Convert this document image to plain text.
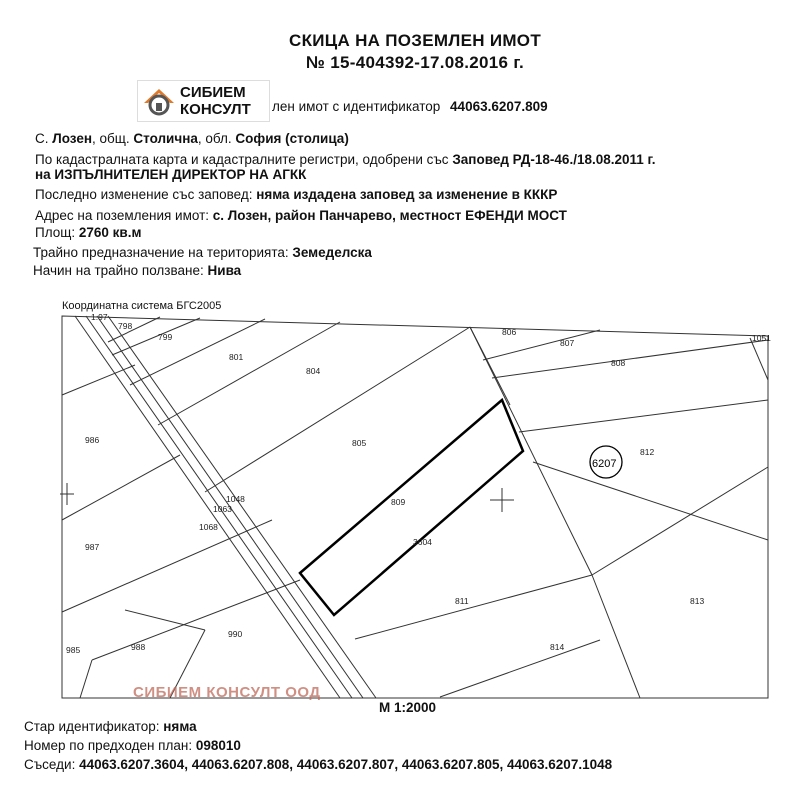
СКИЦА НА ПОЗЕМЛЕН ИМОТ
№ 15-404392-17.08.2016 г.
СИБИЕМ
КОНСУЛТ лен имот с идентификатор 44063.6207.809
С. Лозен, общ. Столична, обл. София (столица)
По кадастралната карта и кадастралните регистри, одобрени със Заповед РД-18-46./18.08.2011 г.
на ИЗПЪЛНИТЕЛЕН ДИРЕКТОР НА АГКК
Последно изменение със заповед: няма издадена заповед за изменение в КККР
Адрес на поземления имот: с. Лозен, район Панчарево, местност ЕФЕНДИ МОСТ
Площ: 2760 кв.м
Трайно предназначение на територията: Земеделска
Начин на трайно ползване: Нива
Координатна система БГС2005
1.97
798
799
801
804
805
806
807
808
1051
812
809
3604
986
1048
1063
1068
987
811	813
990
988
985	814
6207
СИБИЕМ КОНСУЛТ ООД
М 1:2000
Стар идентификатор: няма
Номер по предходен план: 098010
Съседи: 44063.6207.3604, 44063.6207.808, 44063.6207.807, 44063.6207.805, 44063.6207.1048
